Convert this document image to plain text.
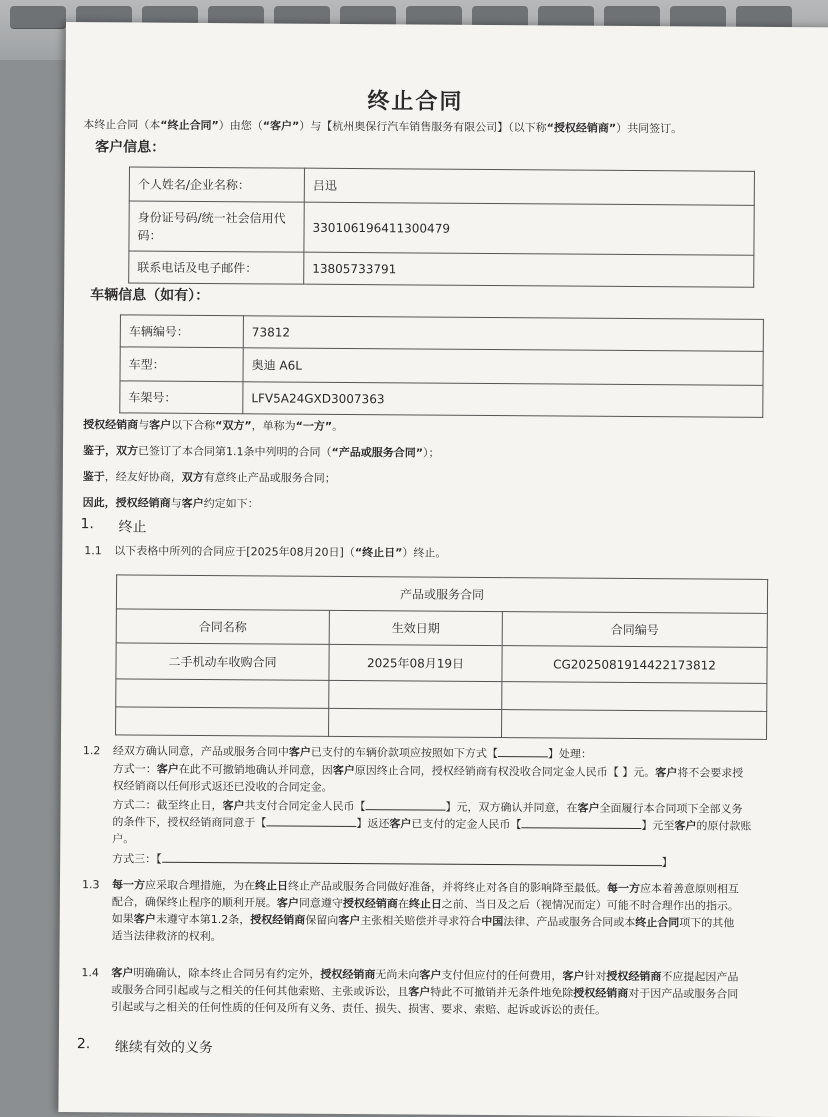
终止合同
本终止合同（本“终止合同”）由您（“客户”）与【杭州奥保行汽车销售服务有限公司】（以下称“授权经销商”）共同签订。
客户信息：
个人姓名/企业名称：	吕迅
身份证号码/统一社会信用代码：	330106196411300479
联系电话及电子邮件：	13805733791
车辆信息（如有）：
车辆编号：	73812
车型：	奥迪 A6L
车架号：	LFV5A24GXD3007363
授权经销商与客户以下合称“双方”，单称为“一方”。
鉴于，双方已签订了本合同第1.1条中列明的合同（“产品或服务合同”）；
鉴于，经友好协商，双方有意终止产品或服务合同；
因此，授权经销商与客户约定如下：
1. 终止
1.1 以下表格中所列的合同应于[2025年08月20日]（“终止日”）终止。
产品或服务合同		
合同名称	生效日期	合同编号
二手机动车收购合同	2025年08月19日	CG2025081914422173812

1.2 经双方确认同意，产品或服务合同中客户已支付的车辆价款项应按照如下方式【	】处理：
方式一：客户在此不可撤销地确认并同意，因客户原因终止合同，授权经销商有权没收合同定金人民币【 】元。客户将不会要求授
权经销商以任何形式返还已没收的合同定金。
方式二：截至终止日，客户共支付合同定金人民币【	】元，双方确认并同意，在客户全面履行本合同项下全部义务
的条件下，授权经销商同意于【	】返还客户已支付的定金人民币【	】元至客户的原付款账
户。
方式三：【	】
1.3 每一方应采取合理措施，为在终止日终止产品或服务合同做好准备，并将终止对各自的影响降至最低。每一方应本着善意原则相互
配合，确保终止程序的顺利开展。客户同意遵守授权经销商在终止日之前、当日及之后（视情况而定）可能不时合理作出的指示。
如果客户未遵守本第1.2条，授权经销商保留向客户主张相关赔偿并寻求符合中国法律、产品或服务合同或本终止合同项下的其他
适当法律救济的权利。
1.4 客户明确确认，除本终止合同另有约定外，授权经销商无尚未向客户支付但应付的任何费用，客户针对授权经销商不应提起因产品
或服务合同引起或与之相关的任何其他索赔、主张或诉讼，且客户特此不可撤销并无条件地免除授权经销商对于因产品或服务合同
引起或与之相关的任何性质的任何及所有义务、责任、损失、损害、要求、索赔、起诉或诉讼的责任。
2. 继续有效的义务
